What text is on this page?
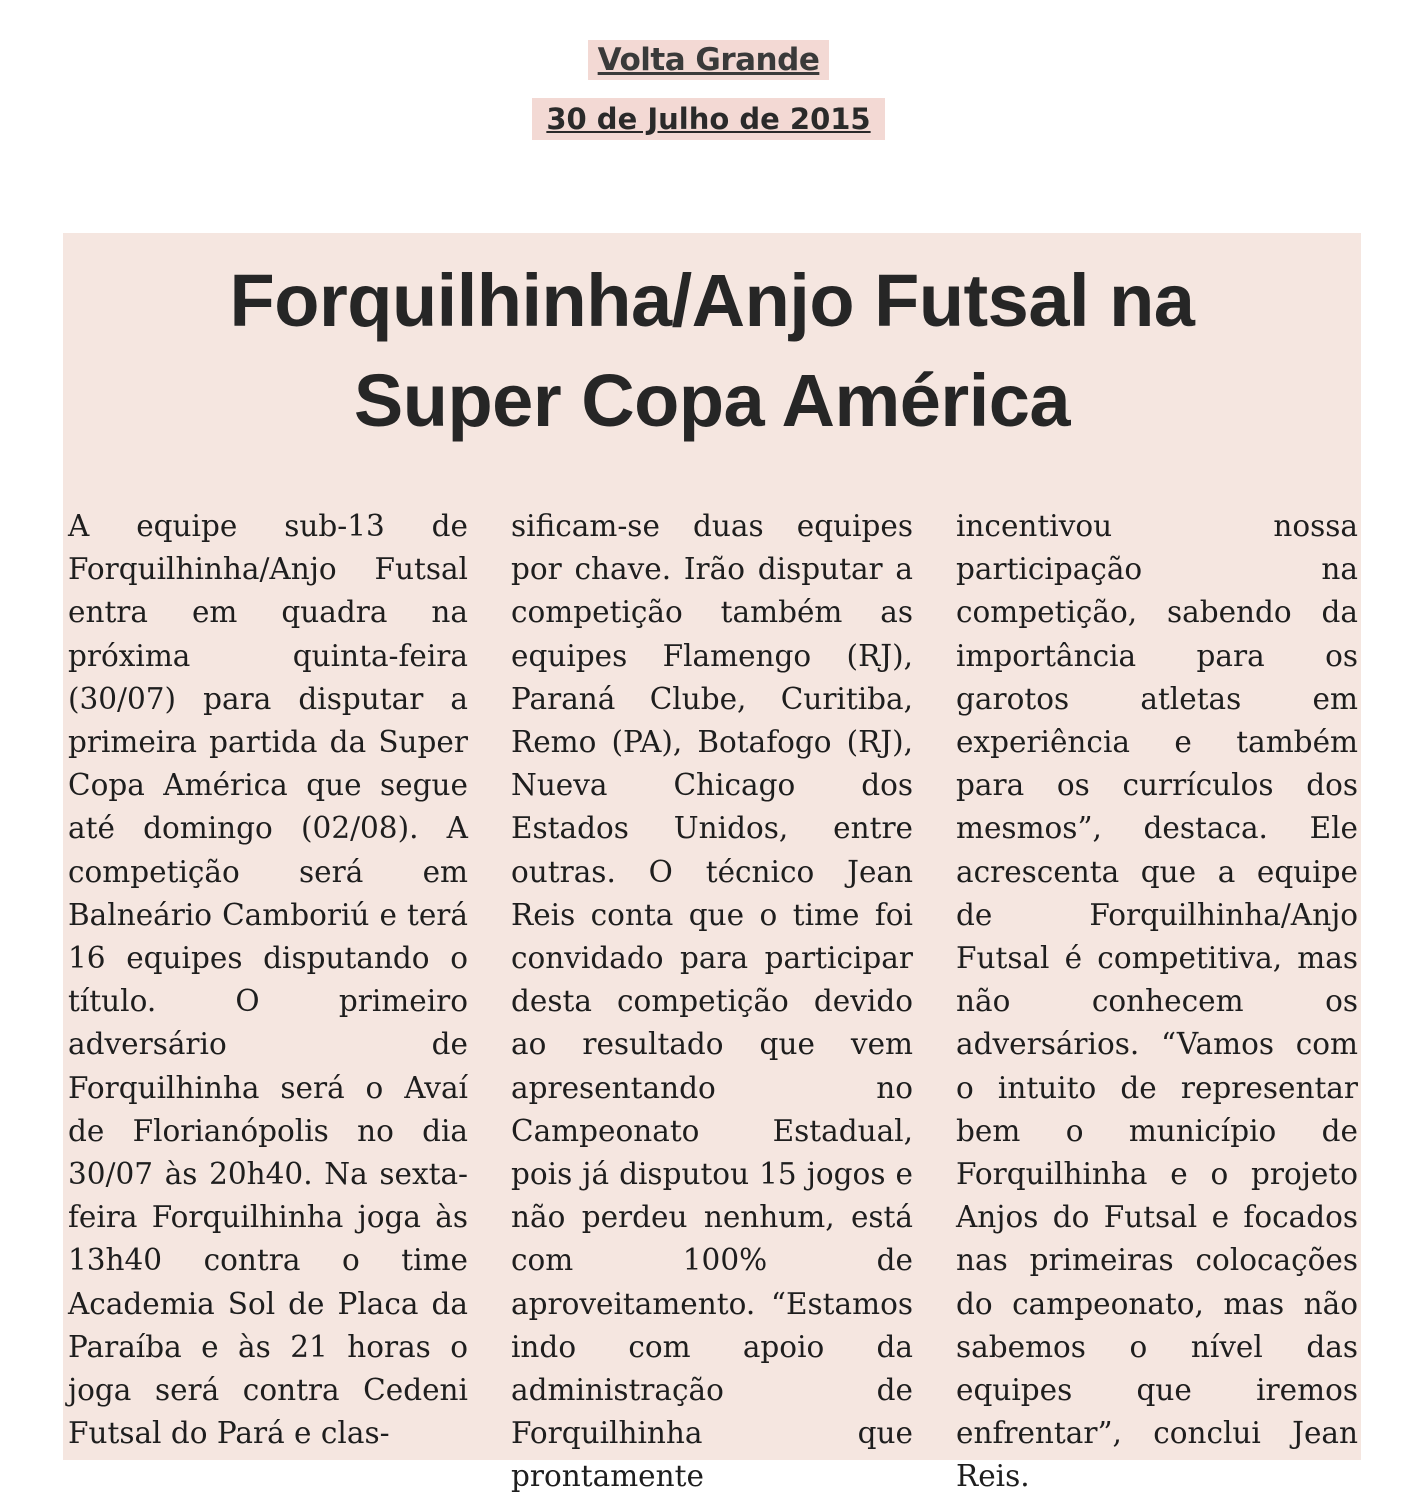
Volta Grande
30 de Julho de 2015
Forquilhinha/Anjo Futsal na
Super Copa América

A equipe sub-13 de Forquilhinha/Anjo Futsal entra em quadra na próxima quinta-feira (30/07) para disputar a primeira partida da Super Copa América que segue até domingo (02/08). A competição será em Balneário Camboriú e terá 16 equipes disputando o título. O primeiro adversário de Forquilhinha será o Avaí de Florianópolis no dia 30/07 às 20h40. Na sexta-feira Forquilhinha joga às 13h40 contra o time Academia Sol de Placa da Paraíba e às 21 horas o joga será contra Cedeni Futsal do Pará e clas-

sificam-se duas equipes por chave. Irão disputar a competição também as equipes Flamengo (RJ), Paraná Clube, Curitiba, Remo (PA), Botafogo (RJ), Nueva Chicago dos Estados Unidos, entre outras. O técnico Jean Reis conta que o time foi convidado para participar desta competição devido ao resultado que vem apresentando no Campeonato Estadual, pois já disputou 15 jogos e não perdeu nenhum, está com 100% de aproveitamento. “Estamos indo com apoio da administração de Forquilhinha que prontamente

incentivou nossa participação na competição, sabendo da importância para os garotos atletas em experiência e também para os currículos dos mesmos”, destaca. Ele acrescenta que a equipe de Forquilhinha/Anjo Futsal é competitiva, mas não conhecem os adversários. “Vamos com o intuito de representar bem o município de Forquilhinha e o projeto Anjos do Futsal e focados nas primeiras colocações do campeonato, mas não sabemos o nível das equipes que iremos enfrentar”, conclui Jean Reis.
